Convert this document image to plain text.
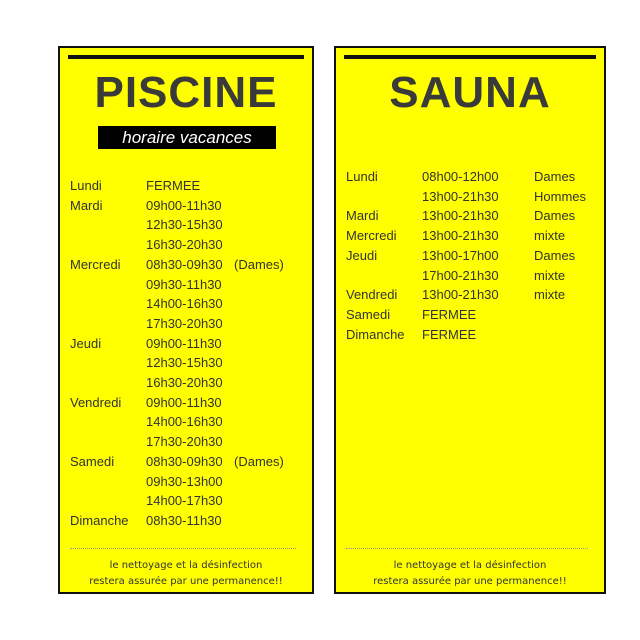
PISCINE
horaire vacances
Lundi	FERMEE
Mardi	09h00-11h30
12h30-15h30
16h30-20h30
Mercredi 08h30-09h30 (Dames)
09h30-11h30
14h00-16h30
17h30-20h30
Jeudi	09h00-11h30
12h30-15h30
16h30-20h30
Vendredi 09h00-11h30
14h00-16h30
17h30-20h30
Samedi 08h30-09h30 (Dames)
09h30-13h00
14h00-17h30
Dimanche 08h30-11h30
le nettoyage et la désinfection
restera assurée par une permanence!!
SAUNA
Lundi	08h00-12h00	Dames
13h00-21h30	Hommes
Mardi	13h00-21h30	Dames
Mercredi 13h00-21h30	mixte
Jeudi	13h00-17h00	Dames
17h00-21h30	mixte
Vendredi 13h00-21h30	mixte
Samedi FERMEE
Dimanche FERMEE
le nettoyage et la désinfection
restera assurée par une permanence!!
